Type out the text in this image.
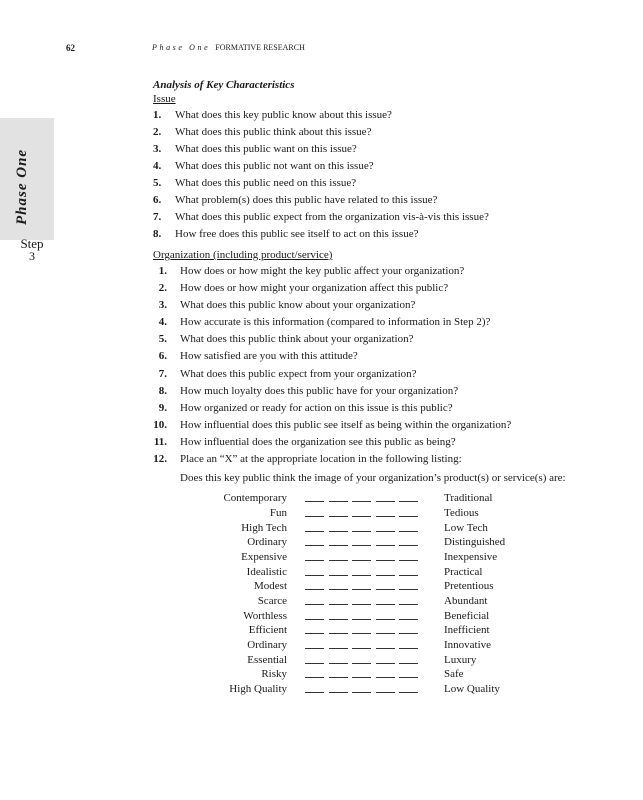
62	Phase One FORMATIVE RESEARCH
Phase One
Step
3
Analysis of Key Characteristics
Issue
1. What does this key public know about this issue?
2. What does this public think about this issue?
3. What does this public want on this issue?
4. What does this public not want on this issue?
5. What does this public need on this issue?
6. What problem(s) does this public have related to this issue?
7. What does this public expect from the organization vis-à-vis this issue?
8. How free does this public see itself to act on this issue?
Organization (including product/service)
1. How does or how might the key public affect your organization?
2. How does or how might your organization affect this public?
3. What does this public know about your organization?
4. How accurate is this information (compared to information in Step 2)?
5. What does this public think about your organization?
6. How satisfied are you with this attitude?
7. What does this public expect from your organization?
8. How much loyalty does this public have for your organization?
9. How organized or ready for action on this issue is this public?
10. How influential does this public see itself as being within the organization?
11. How influential does the organization see this public as being?
12. Place an “X” at the appropriate location in the following listing:
Does this key public think the image of your organization’s product(s) or service(s) are:
Contemporary	Traditional
Fun	Tedious
High Tech	Low Tech
Ordinary	Distinguished
Expensive	Inexpensive
Idealistic	Practical
Modest	Pretentious
Scarce	Abundant
Worthless	Beneficial
Efficient	Inefficient
Ordinary	Innovative
Essential	Luxury
Risky	Safe
High Quality	Low Quality
